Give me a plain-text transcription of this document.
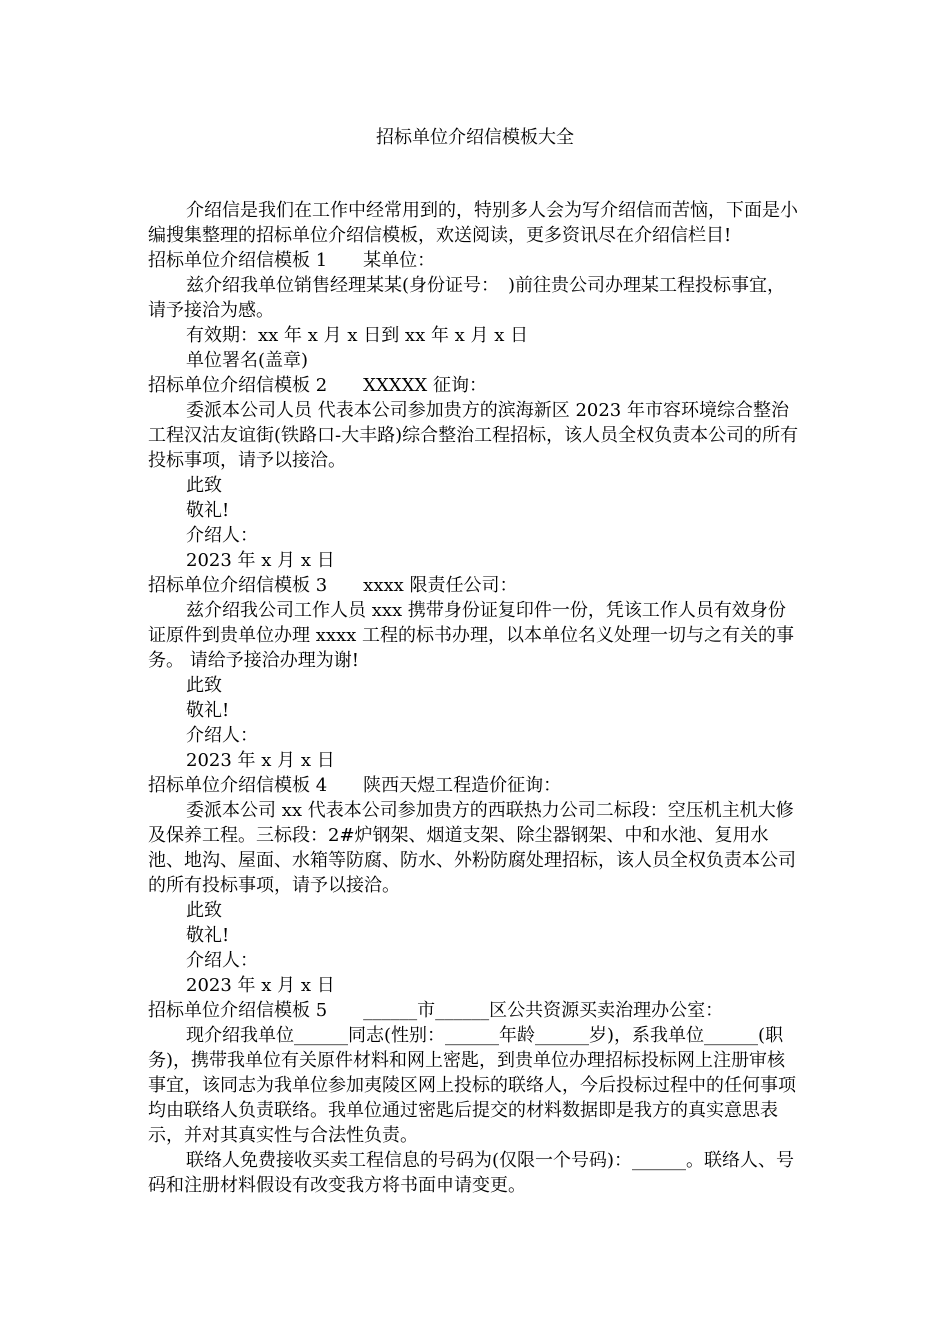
招标单位介绍信模板大全

介绍信是我们在工作中经常用到的，特别多人会为写介绍信而苦恼，下面是小编搜集整理的招标单位介绍信模板，欢送阅读，更多资讯尽在介绍信栏目!

招标单位介绍信模板 1　　某单位：

兹介绍我单位销售经理某某(身份证号：　)前往贵公司办理某工程投标事宜，请予接洽为感。

有效期：xx 年 x 月 x 日到 xx 年 x 月 x 日

单位署名(盖章)

招标单位介绍信模板 2　　XXXXX 征询：

委派本公司人员 代表本公司参加贵方的滨海新区 2023 年市容环境综合整治工程汉沽友谊街(铁路口-大丰路)综合整治工程招标，该人员全权负责本公司的所有投标事项，请予以接洽。

此致

敬礼!

介绍人：

2023 年 x 月 x 日

招标单位介绍信模板 3　　xxxx 限责任公司：

兹介绍我公司工作人员 xxx 携带身份证复印件一份，凭该工作人员有效身份证原件到贵单位办理 xxxx 工程的标书办理，以本单位名义处理一切与之有关的事务。 请给予接洽办理为谢!

此致

敬礼!

介绍人：

2023 年 x 月 x 日

招标单位介绍信模板 4　　陕西天煜工程造价征询：

委派本公司 xx 代表本公司参加贵方的西联热力公司二标段：空压机主机大修及保养工程。三标段：2#炉钢架、烟道支架、除尘器钢架、中和水池、复用水池、地沟、屋面、水箱等防腐、防水、外粉防腐处理招标，该人员全权负责本公司的所有投标事项，请予以接洽。

此致

敬礼!

介绍人：

2023 年 x 月 x 日

招标单位介绍信模板 5　　______市______区公共资源买卖治理办公室：

现介绍我单位______同志(性别：______年龄______岁)，系我单位______(职务)，携带我单位有关原件材料和网上密匙，到贵单位办理招标投标网上注册审核事宜，该同志为我单位参加夷陵区网上投标的联络人，今后投标过程中的任何事项均由联络人负责联络。我单位通过密匙后提交的材料数据即是我方的真实意思表示，并对其真实性与合法性负责。

联络人免费接收买卖工程信息的号码为(仅限一个号码)：______。联络人、号码和注册材料假设有改变我方将书面申请变更。
